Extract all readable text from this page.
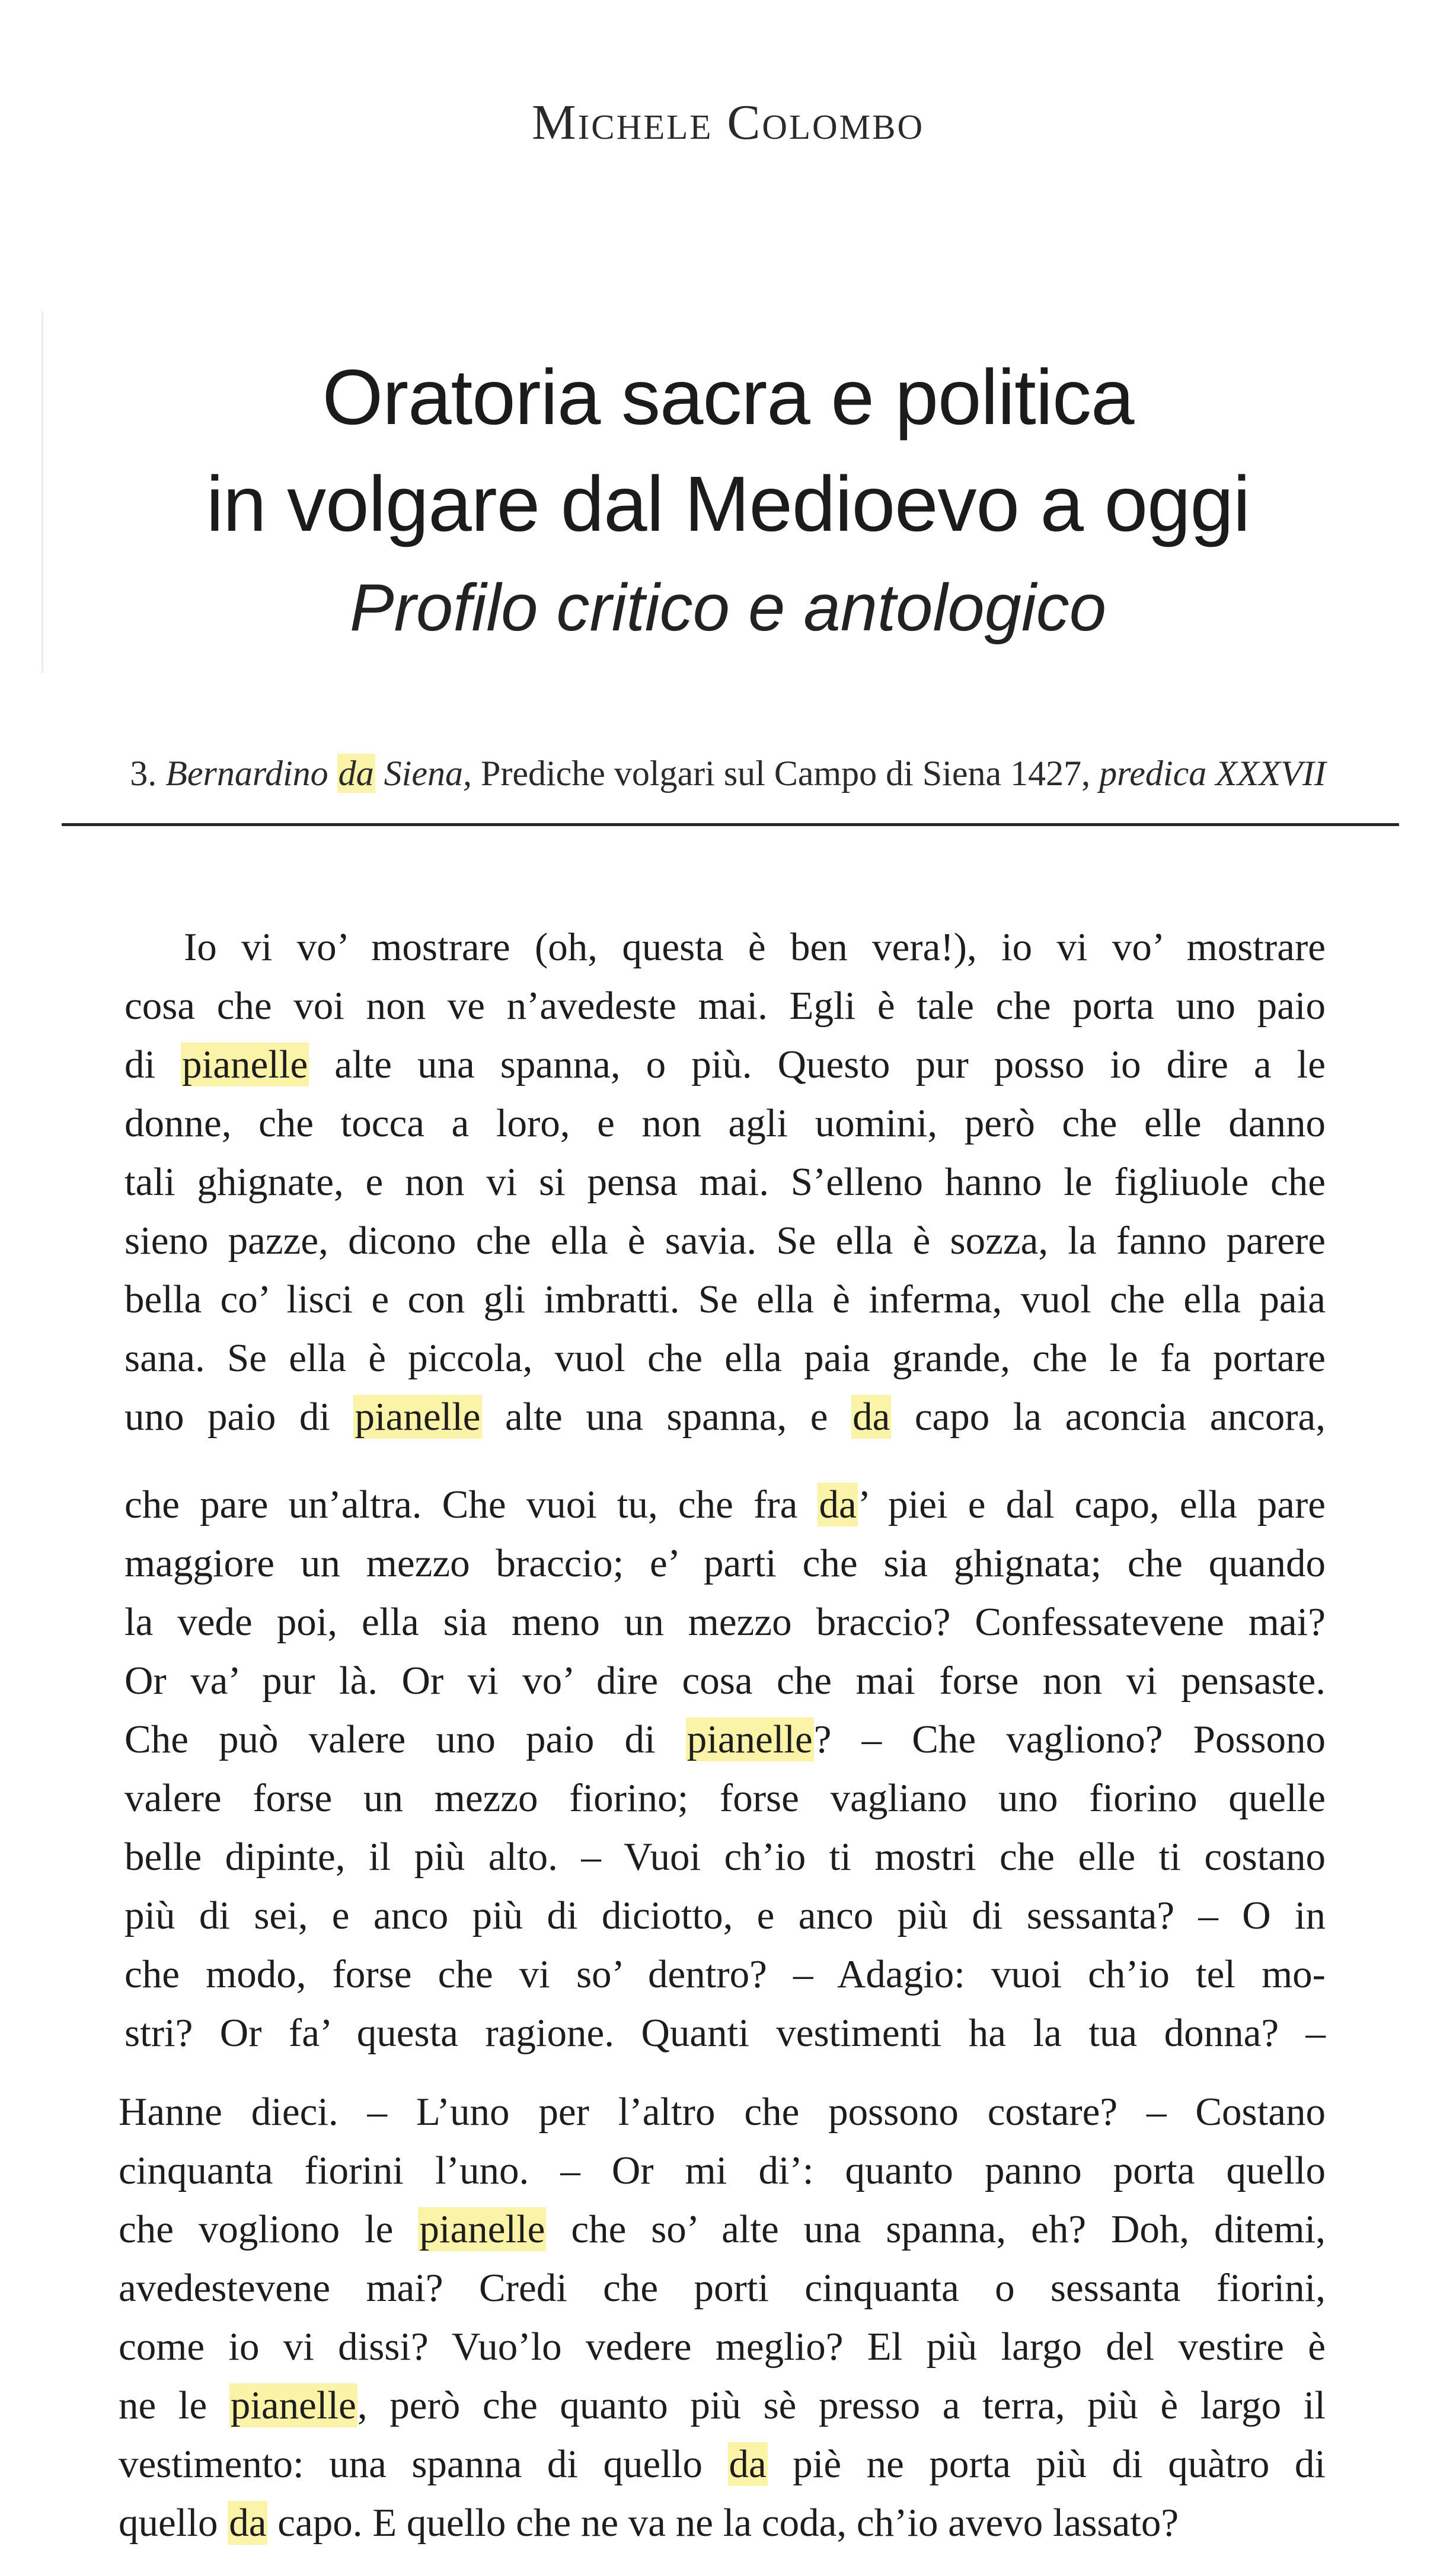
Michele Colombo
Oratoria sacra e politica
in volgare dal Medioevo a oggi
Profilo critico e antologico
3. Bernardino da Siena, Prediche volgari sul Campo di Siena 1427, predica XXXVII
Io vi vo’ mostrare (oh, questa è ben vera!), io vi vo’ mostrare
cosa che voi non ve n’avedeste mai. Egli è tale che porta uno paio
di pianelle alte una spanna, o più. Questo pur posso io dire a le
donne, che tocca a loro, e non agli uomini, però che elle danno
tali ghignate, e non vi si pensa mai. S’elleno hanno le figliuole che
sieno pazze, dicono che ella è savia. Se ella è sozza, la fanno parere
bella co’ lisci e con gli imbratti. Se ella è inferma, vuol che ella paia
sana. Se ella è piccola, vuol che ella paia grande, che le fa portare
uno paio di pianelle alte una spanna, e da capo la aconcia ancora,
che pare un’altra. Che vuoi tu, che fra da’ piei e dal capo, ella pare
maggiore un mezzo braccio; e’ parti che sia ghignata; che quando
la vede poi, ella sia meno un mezzo braccio? Confessatevene mai?
Or va’ pur là. Or vi vo’ dire cosa che mai forse non vi pensaste.
Che può valere uno paio di pianelle? – Che vagliono? Possono
valere forse un mezzo fiorino; forse vagliano uno fiorino quelle
belle dipinte, il più alto. – Vuoi ch’io ti mostri che elle ti costano
più di sei, e anco più di diciotto, e anco più di sessanta? – O in
che modo, forse che vi so’ dentro? – Adagio: vuoi ch’io tel mo-
stri? Or fa’ questa ragione. Quanti vestimenti ha la tua donna? –
Hanne dieci. – L’uno per l’altro che possono costare? – Costano
cinquanta fiorini l’uno. – Or mi di’: quanto panno porta quello
che vogliono le pianelle che so’ alte una spanna, eh? Doh, ditemi,
avedestevene mai? Credi che porti cinquanta o sessanta fiorini,
come io vi dissi? Vuo’lo vedere meglio? El più largo del vestire è
ne le pianelle, però che quanto più sè presso a terra, più è largo il
vestimento: una spanna di quello da piè ne porta più di quàtro di
quello da capo. E quello che ne va ne la coda, ch’io avevo lassato?
